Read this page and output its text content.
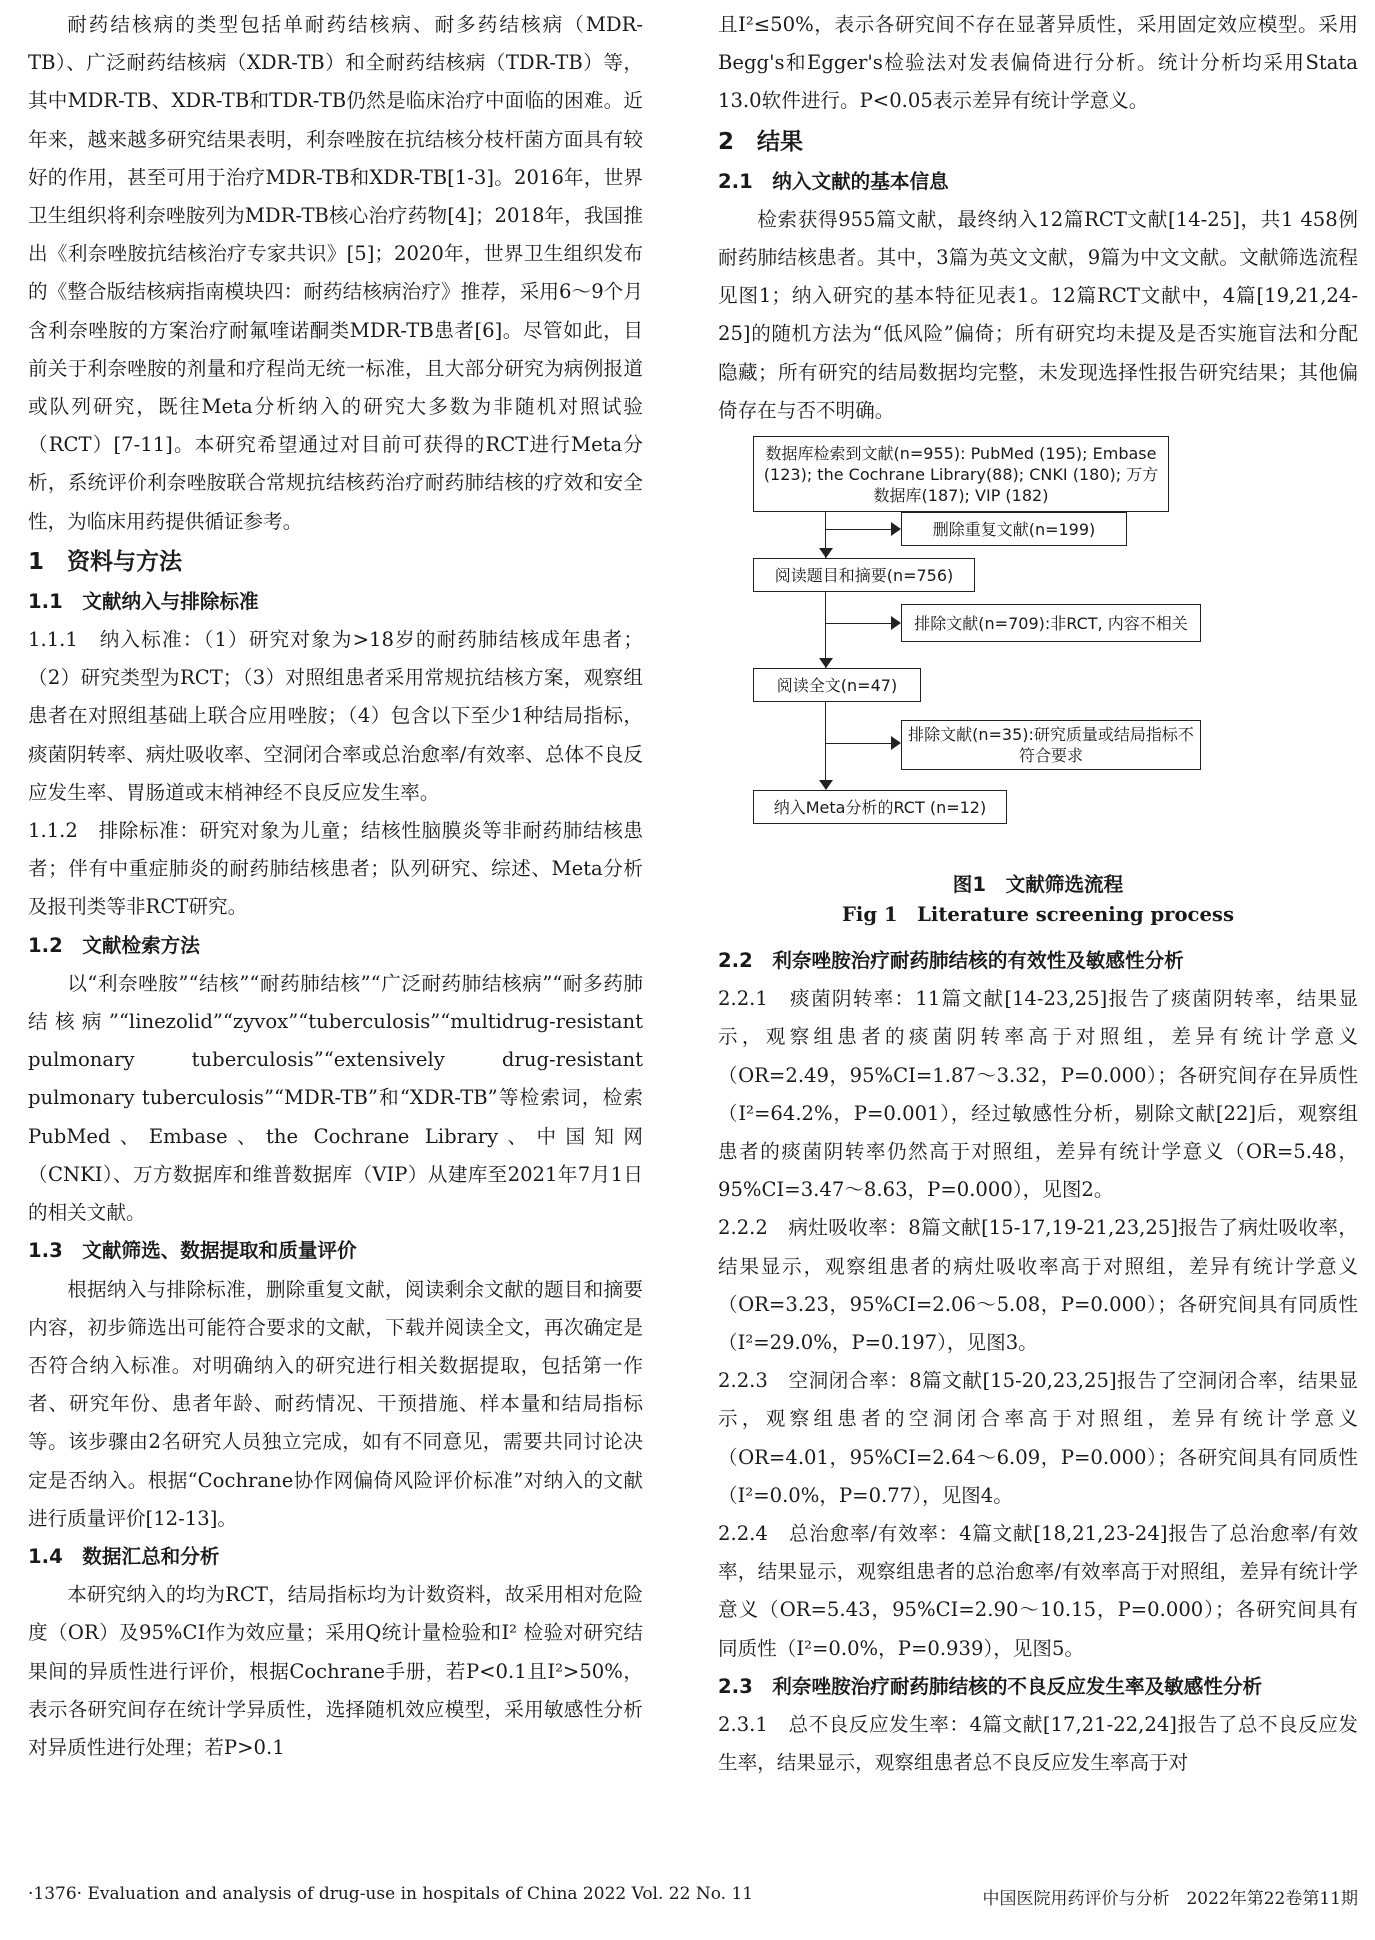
耐药结核病的类型包括单耐药结核病、耐多药结核病（MDR-TB）、广泛耐药结核病（XDR-TB）和全耐药结核病（TDR-TB）等，其中MDR-TB、XDR-TB和TDR-TB仍然是临床治疗中面临的困难。近年来，越来越多研究结果表明，利奈唑胺在抗结核分枝杆菌方面具有较好的作用，甚至可用于治疗MDR-TB和XDR-TB[1-3]。2016年，世界卫生组织将利奈唑胺列为MDR-TB核心治疗药物[4]；2018年，我国推出《利奈唑胺抗结核治疗专家共识》[5]；2020年，世界卫生组织发布的《整合版结核病指南模块四：耐药结核病治疗》推荐，采用6～9个月含利奈唑胺的方案治疗耐氟喹诺酮类MDR-TB患者[6]。尽管如此，目前关于利奈唑胺的剂量和疗程尚无统一标准，且大部分研究为病例报道或队列研究，既往Meta分析纳入的研究大多数为非随机对照试验（RCT）[7-11]。本研究希望通过对目前可获得的RCT进行Meta分析，系统评价利奈唑胺联合常规抗结核药治疗耐药肺结核的疗效和安全性，为临床用药提供循证参考。

1　资料与方法
1.1　文献纳入与排除标准

1.1.1　纳入标准：（1）研究对象为>18岁的耐药肺结核成年患者；（2）研究类型为RCT；（3）对照组患者采用常规抗结核方案，观察组患者在对照组基础上联合应用唑胺；（4）包含以下至少1种结局指标，痰菌阴转率、病灶吸收率、空洞闭合率或总治愈率/有效率、总体不良反应发生率、胃肠道或末梢神经不良反应发生率。

1.1.2　排除标准：研究对象为儿童；结核性脑膜炎等非耐药肺结核患者；伴有中重症肺炎的耐药肺结核患者；队列研究、综述、Meta分析及报刊类等非RCT研究。

1.2　文献检索方法

以“利奈唑胺”“结核”“耐药肺结核”“广泛耐药肺结核病”“耐多药肺结核病”“linezolid”“zyvox”“tuberculosis”“multidrug-resistant pulmonary tuberculosis”“extensively drug-resistant pulmonary tuberculosis”“MDR-TB”和“XDR-TB”等检索词，检索PubMed、Embase、the Cochrane Library、中国知网（CNKI）、万方数据库和维普数据库（VIP）从建库至2021年7月1日的相关文献。

1.3　文献筛选、数据提取和质量评价

根据纳入与排除标准，删除重复文献，阅读剩余文献的题目和摘要内容，初步筛选出可能符合要求的文献，下载并阅读全文，再次确定是否符合纳入标准。对明确纳入的研究进行相关数据提取，包括第一作者、研究年份、患者年龄、耐药情况、干预措施、样本量和结局指标等。该步骤由2名研究人员独立完成，如有不同意见，需要共同讨论决定是否纳入。根据“Cochrane协作网偏倚风险评价标准”对纳入的文献进行质量评价[12-13]。

1.4　数据汇总和分析

本研究纳入的均为RCT，结局指标均为计数资料，故采用相对危险度（OR）及95%CI作为效应量；采用Q统计量检验和I² 检验对研究结果间的异质性进行评价，根据Cochrane手册，若P<0.1且I²>50%，表示各研究间存在统计学异质性，选择随机效应模型，采用敏感性分析对异质性进行处理；若P>0.1

且I²≤50%，表示各研究间不存在显著异质性，采用固定效应模型。采用Begg's和Egger's检验法对发表偏倚进行分析。统计分析均采用Stata 13.0软件进行。P<0.05表示差异有统计学意义。

2　结果
2.1　纳入文献的基本信息

检索获得955篇文献，最终纳入12篇RCT文献[14-25]，共1 458例耐药肺结核患者。其中，3篇为英文文献，9篇为中文文献。文献筛选流程见图1；纳入研究的基本特征见表1。12篇RCT文献中，4篇[19,21,24-25]的随机方法为“低风险”偏倚；所有研究均未提及是否实施盲法和分配隐藏；所有研究的结局数据均完整，未发现选择性报告研究结果；其他偏倚存在与否不明确。

数据库检索到文献(n=955): PubMed (195); Embase (123); the Cochrane Library(88); CNKI (180); 万方数据库(187); VIP (182)
删除重复文献(n=199)
阅读题目和摘要(n=756)
排除文献(n=709):非RCT, 内容不相关
阅读全文(n=47)
排除文献(n=35):研究质量或结局指标不符合要求
纳入Meta分析的RCT (n=12)
图1　文献筛选流程
Fig 1　Literature screening process
2.2　利奈唑胺治疗耐药肺结核的有效性及敏感性分析

2.2.1　痰菌阴转率：11篇文献[14-23,25]报告了痰菌阴转率，结果显示，观察组患者的痰菌阴转率高于对照组，差异有统计学意义（OR=2.49，95%CI=1.87～3.32，P=0.000）；各研究间存在异质性（I²=64.2%，P=0.001），经过敏感性分析，剔除文献[22]后，观察组患者的痰菌阴转率仍然高于对照组，差异有统计学意义（OR=5.48，95%CI=3.47～8.63，P=0.000），见图2。

2.2.2　病灶吸收率：8篇文献[15-17,19-21,23,25]报告了病灶吸收率，结果显示，观察组患者的病灶吸收率高于对照组，差异有统计学意义（OR=3.23，95%CI=2.06～5.08，P=0.000）；各研究间具有同质性（I²=29.0%，P=0.197），见图3。

2.2.3　空洞闭合率：8篇文献[15-20,23,25]报告了空洞闭合率，结果显示，观察组患者的空洞闭合率高于对照组，差异有统计学意义（OR=4.01，95%CI=2.64～6.09，P=0.000）；各研究间具有同质性（I²=0.0%，P=0.77），见图4。

2.2.4　总治愈率/有效率：4篇文献[18,21,23-24]报告了总治愈率/有效率，结果显示，观察组患者的总治愈率/有效率高于对照组，差异有统计学意义（OR=5.43，95%CI=2.90～10.15，P=0.000）；各研究间具有同质性（I²=0.0%，P=0.939），见图5。

2.3　利奈唑胺治疗耐药肺结核的不良反应发生率及敏感性分析

2.3.1　总不良反应发生率：4篇文献[17,21-22,24]报告了总不良反应发生率，结果显示，观察组患者总不良反应发生率高于对

·1376· Evaluation and analysis of drug-use in hospitals of China 2022 Vol. 22 No. 11	中国医院用药评价与分析　2022年第22卷第11期
